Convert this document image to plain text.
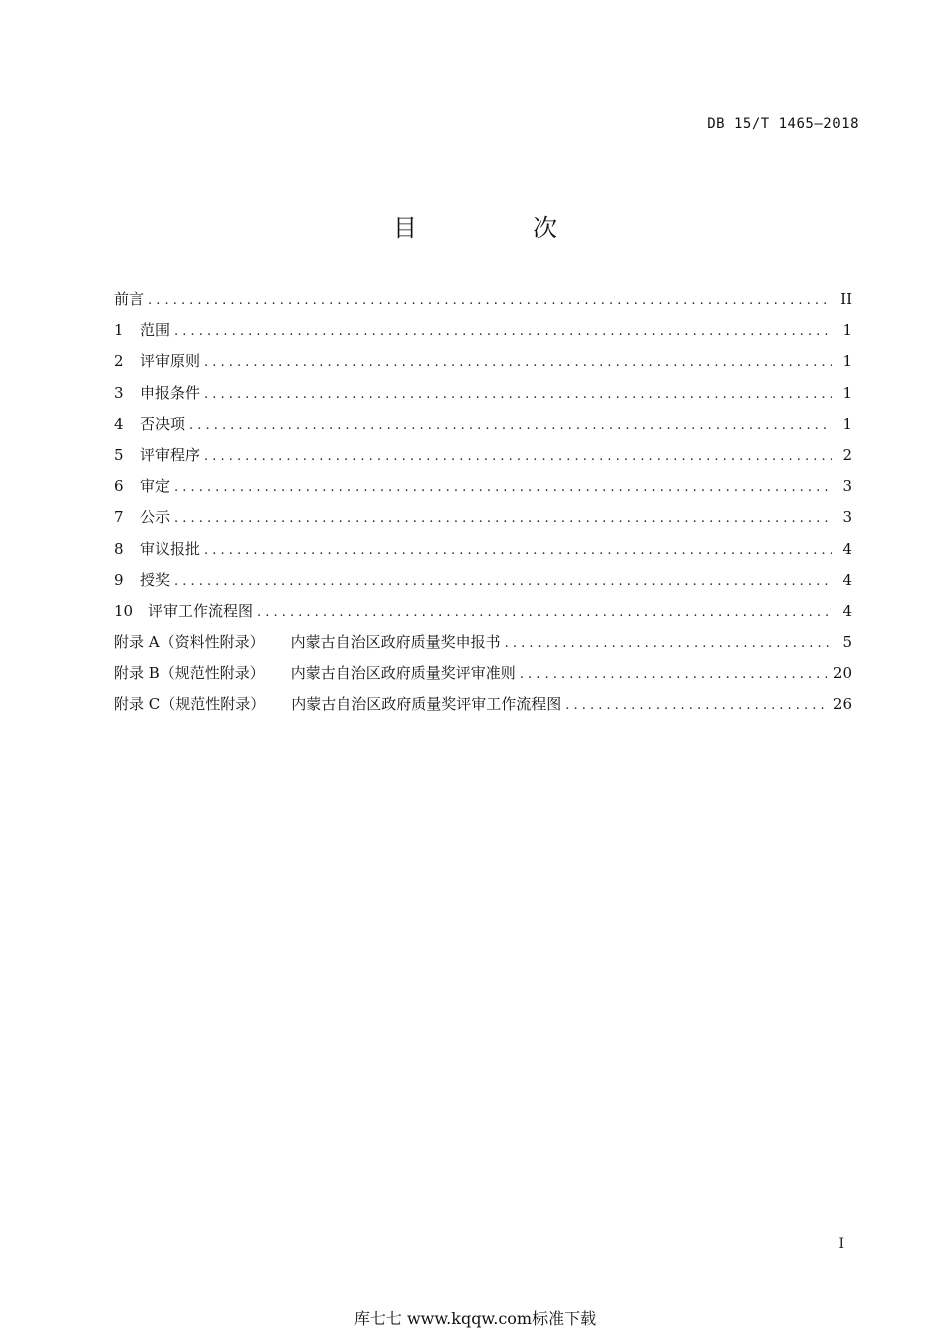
DB 15/T 1465—2018
目　次
前言 .....	II
1	范围 .....	1
2	评审原则 .....	1
3	申报条件 .....	1
4	否决项 .....	1
5	评审程序 .....	2
6	审定 .....	3
7	公示 .....	3
8	审议报批 .....	4
9	授奖 .....	4
10 评审工作流程图 .....	4
附录 A（资料性附录） 内蒙古自治区政府质量奖申报书 .....	5
附录 B（规范性附录） 内蒙古自治区政府质量奖评审准则 .....	20
附录 C（规范性附录） 内蒙古自治区政府质量奖评审工作流程图 .....	26
I
库七七 www.kqqw.com标准下载
